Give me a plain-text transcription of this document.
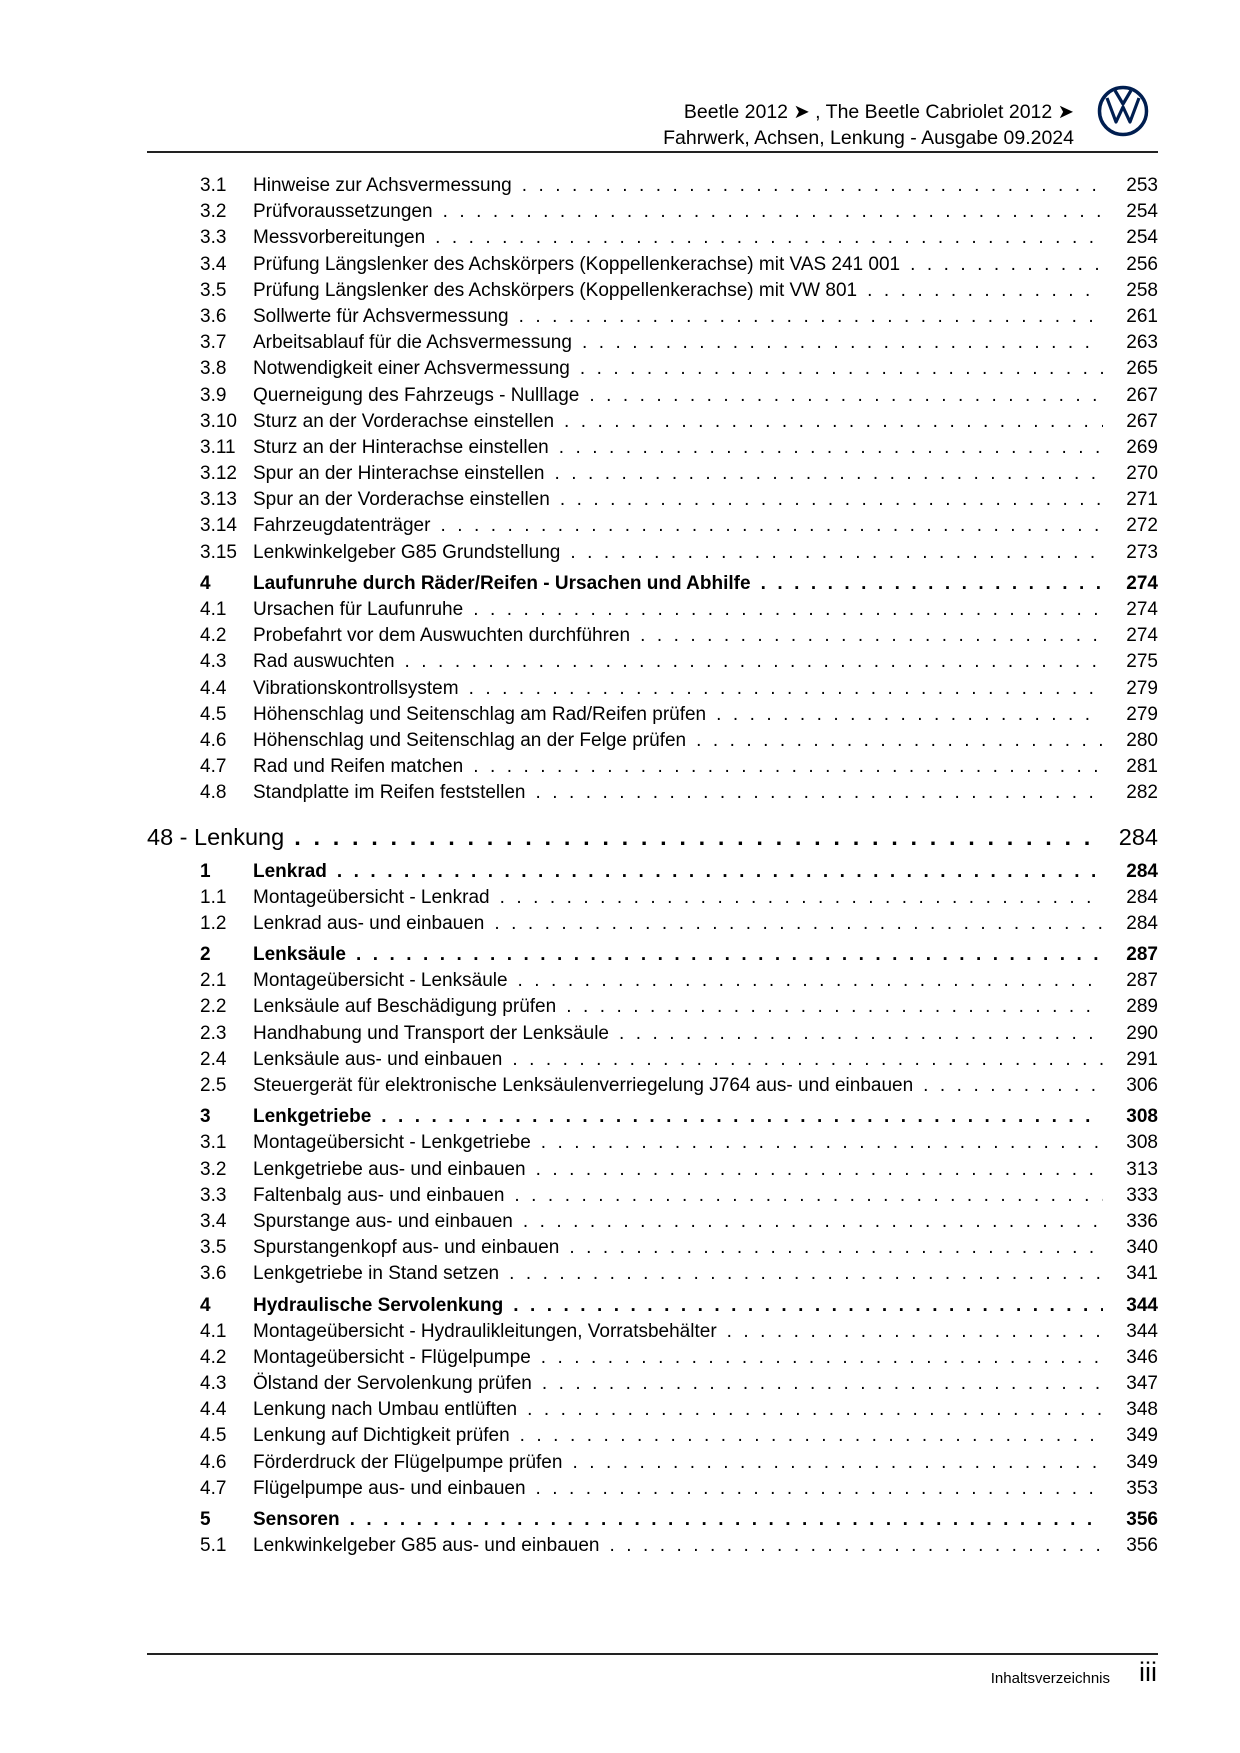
Beetle 2012 ➤ , The Beetle Cabriolet 2012 ➤
Fahrwerk, Achsen, Lenkung - Ausgabe 09.2024
3.1	Hinweise zur Achsvermessung . . .	253
3.2	Prüfvoraussetzungen . . .	254
3.3	Messvorbereitungen . . .	254
3.4	Prüfung Längslenker des Achskörpers (Koppellenkerachse) mit VAS 241 001 . . .	256
3.5	Prüfung Längslenker des Achskörpers (Koppellenkerachse) mit VW 801 . . .	258
3.6	Sollwerte für Achsvermessung . . .	261
3.7	Arbeitsablauf für die Achsvermessung . . .	263
3.8	Notwendigkeit einer Achsvermessung . . .	265
3.9	Querneigung des Fahrzeugs - Nulllage . . .	267
3.10 Sturz an der Vorderachse einstellen . . .	267
3.11 Sturz an der Hinterachse einstellen . . .	269
3.12 Spur an der Hinterachse einstellen . . .	270
3.13 Spur an der Vorderachse einstellen . . .	271
3.14 Fahrzeugdatenträger . . .	272
3.15 Lenkwinkelgeber G85 Grundstellung . . .	273
4	Laufunruhe durch Räder/Reifen - Ursachen und Abhilfe . . .	274
4.1	Ursachen für Laufunruhe . . .	274
4.2	Probefahrt vor dem Auswuchten durchführen . . .	274
4.3	Rad auswuchten . . .	275
4.4	Vibrationskontrollsystem . . .	279
4.5	Höhenschlag und Seitenschlag am Rad/Reifen prüfen . . .	279
4.6	Höhenschlag und Seitenschlag an der Felge prüfen . . .	280
4.7	Rad und Reifen matchen . . .	281
4.8	Standplatte im Reifen feststellen . . .	282
48 - Lenkung . . .	284
1	Lenkrad . . .	284
1.1	Montageübersicht - Lenkrad . . .	284
1.2	Lenkrad aus- und einbauen . . .	284
2	Lenksäule . . .	287
2.1	Montageübersicht - Lenksäule . . .	287
2.2	Lenksäule auf Beschädigung prüfen . . .	289
2.3	Handhabung und Transport der Lenksäule . . .	290
2.4	Lenksäule aus- und einbauen . . .	291
2.5	Steuergerät für elektronische Lenksäulenverriegelung J764 aus- und einbauen . . .	306
3	Lenkgetriebe . . .	308
3.1	Montageübersicht - Lenkgetriebe . . .	308
3.2	Lenkgetriebe aus- und einbauen . . .	313
3.3	Faltenbalg aus- und einbauen . . .	333
3.4	Spurstange aus- und einbauen . . .	336
3.5	Spurstangenkopf aus- und einbauen . . .	340
3.6	Lenkgetriebe in Stand setzen . . .	341
4	Hydraulische Servolenkung . . .	344
4.1	Montageübersicht - Hydraulikleitungen, Vorratsbehälter . . .	344
4.2	Montageübersicht - Flügelpumpe . . .	346
4.3	Ölstand der Servolenkung prüfen . . .	347
4.4	Lenkung nach Umbau entlüften . . .	348
4.5	Lenkung auf Dichtigkeit prüfen . . .	349
4.6	Förderdruck der Flügelpumpe prüfen . . .	349
4.7	Flügelpumpe aus- und einbauen . . .	353
5	Sensoren . . .	356
5.1	Lenkwinkelgeber G85 aus- und einbauen . . .	356
Inhaltsverzeichnis iii
